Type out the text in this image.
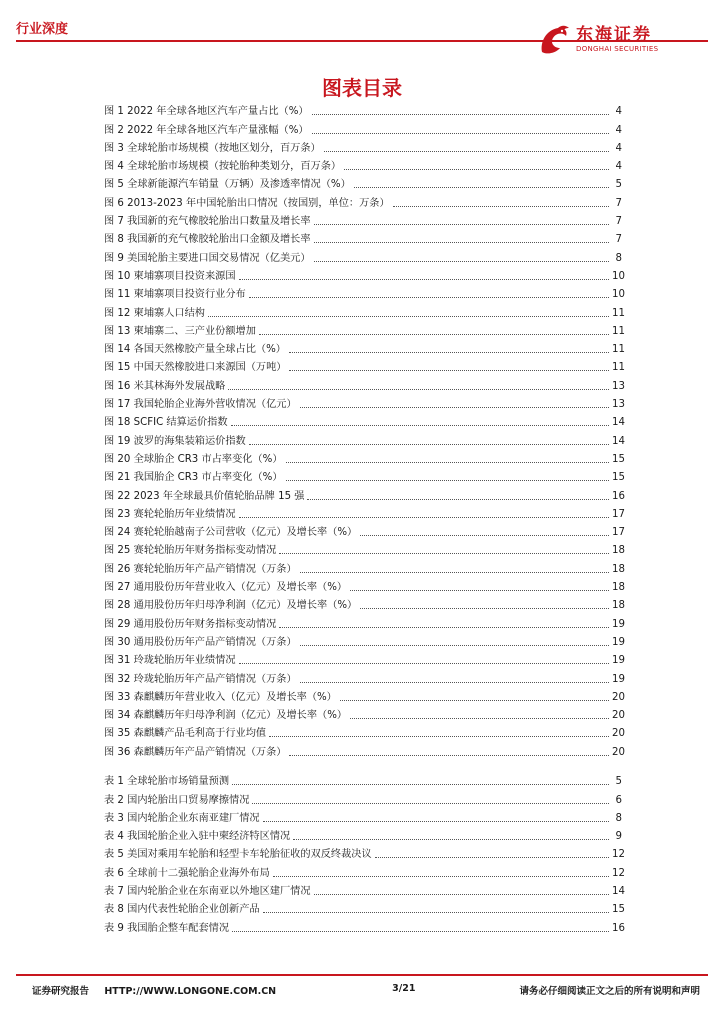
行业深度	东海证券
DONGHAI SECURITIES
图表目录
图 1 2022 年全球各地区汽车产量占比（%）	4
图 2 2022 年全球各地区汽车产量涨幅（%）	4
图 3 全球轮胎市场规模（按地区划分，百万条）	4
图 4 全球轮胎市场规模（按轮胎种类划分，百万条）	4
图 5 全球新能源汽车销量（万辆）及渗透率情况（%）	5
图 6 2013-2023 年中国轮胎出口情况（按国别，单位：万条）	7
图 7 我国新的充气橡胶轮胎出口数量及增长率	7
图 8 我国新的充气橡胶轮胎出口金额及增长率	7
图 9 美国轮胎主要进口国交易情况（亿美元）	8
图 10 柬埔寨项目投资来源国	10
图 11 柬埔寨项目投资行业分布	10
图 12 柬埔寨人口结构	11
图 13 柬埔寨二、三产业份额增加	11
图 14 各国天然橡胶产量全球占比（%）	11
图 15 中国天然橡胶进口来源国（万吨）	11
图 16 米其林海外发展战略	13
图 17 我国轮胎企业海外营收情况（亿元）	13
图 18 SCFIC 结算运价指数	14
图 19 波罗的海集装箱运价指数	14
图 20 全球胎企 CR3 市占率变化（%）	15
图 21 我国胎企 CR3 市占率变化（%）	15
图 22 2023 年全球最具价值轮胎品牌 15 强	16
图 23 赛轮轮胎历年业绩情况	17
图 24 赛轮轮胎越南子公司营收（亿元）及增长率（%）	17
图 25 赛轮轮胎历年财务指标变动情况	18
图 26 赛轮轮胎历年产品产销情况（万条）	18
图 27 通用股份历年营业收入（亿元）及增长率（%）	18
图 28 通用股份历年归母净利润（亿元）及增长率（%）	18
图 29 通用股份历年财务指标变动情况	19
图 30 通用股份历年产品产销情况（万条）	19
图 31 玲珑轮胎历年业绩情况	19
图 32 玲珑轮胎历年产品产销情况（万条）	19
图 33 森麒麟历年营业收入（亿元）及增长率（%）	20
图 34 森麒麟历年归母净利润（亿元）及增长率（%）	20
图 35 森麒麟产品毛利高于行业均值	20
图 36 森麒麟历年产品产销情况（万条）	20
表 1 全球轮胎市场销量预测	5
表 2 国内轮胎出口贸易摩擦情况	6
表 3 国内轮胎企业东南亚建厂情况	8
表 4 我国轮胎企业入驻中柬经济特区情况	9
表 5 美国对乘用车轮胎和轻型卡车轮胎征收的双反终裁决议	12
表 6 全球前十二强轮胎企业海外布局	12
表 7 国内轮胎企业在东南亚以外地区建厂情况	14
表 8 国内代表性轮胎企业创新产品	15
表 9 我国胎企整车配套情况	16
证券研究报告 HTTP://WWW.LONGONE.COM.CN	3/21	请务必仔细阅读正文之后的所有说明和声明
